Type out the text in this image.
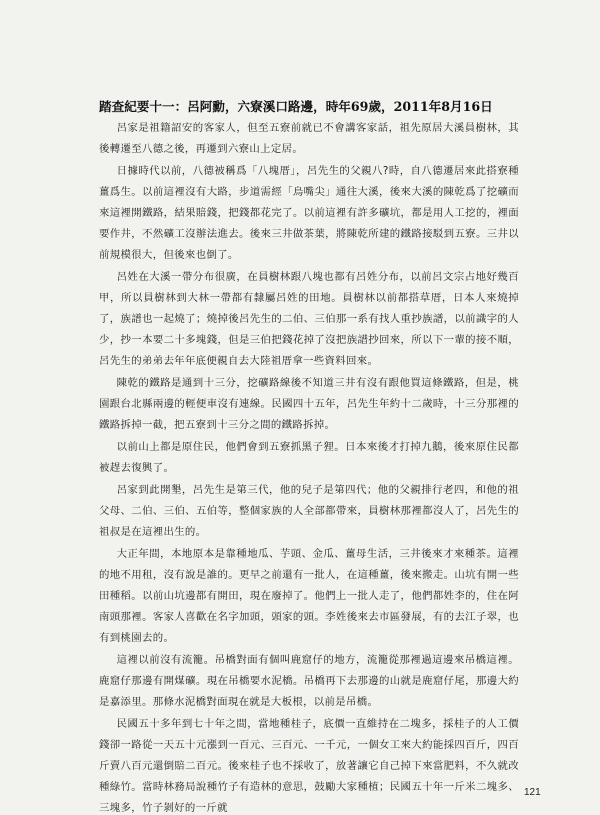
踏查紀要十一：呂阿勳，六寮溪口路邊，時年69歲，2011年8月16日

呂家是祖籍詔安的客家人，但至五寮前就已不會講客家話，祖先原居大溪員樹林，其後轉遷至八德之後，再遷到六寮山上定居。

日據時代以前，八德被稱爲「八塊厝」，呂先生的父親八?時，自八德遷居來此搭寮種薑爲生。以前這裡沒有大路，步道需經「烏嘴尖」通往大溪，後來大溪的陳乾爲了挖礦而來這裡開鐵路，結果賠錢，把錢都花完了。以前這裡有許多礦坑，都是用人工挖的，裡面要作井，不然礦工沒辦法進去。後來三井做茶葉，將陳乾所建的鐵路接駁到五寮。三井以前規模很大，但後來也倒了。

呂姓在大溪一帶分布很廣，在員樹林跟八塊也都有呂姓分布，以前呂文宗占地好幾百甲，所以員樹林到大林一帶都有隸屬呂姓的田地。員樹林以前都搭草厝，日本人來燒掉了，族譜也一起燒了；燒掉後呂先生的二伯、三伯那一系有找人重抄族譜，以前識字的人少，抄一本要二十多塊錢，但是三伯把錢花掉了沒把族譜抄回來，所以下一輩的接不順，呂先生的弟弟去年年底便親自去大陸祖厝拿一些資料回來。

陳乾的鐵路是通到十三分，挖礦路線後不知道三井有沒有跟他買這條鐵路，但是，桃園跟台北縣兩邊的輕便車沒有連線。民國四十五年，呂先生年約十二歲時，十三分那裡的鐵路拆掉一截，把五寮到十三分之間的鐵路拆掉。

以前山上都是原住民，他們會到五寮抓黑子狸。日本來後才打掉九鵝，後來原住民都被趕去復興了。

呂家到此開墾，呂先生是第三代，他的兒子是第四代；他的父親排行老四，和他的祖父母、二伯、三伯、五伯等，整個家族的人全部都帶來，員樹林那裡都沒人了，呂先生的祖叔是在這裡出生的。

大正年間，本地原本是靠種地瓜、芋頭、金瓜、薑母生活，三井後來才來種茶。這裡的地不用租，沒有說是誰的。更早之前還有一批人，在這種薑，後來搬走。山坑有開一些田種稻。以前山坑邊都有開田，現在廢掉了。他們上一批人走了，他們都姓李的，住在阿南頭那裡。客家人喜歡在名字加頭，頭家的頭。李姓後來去市區發展，有的去江子翠，也有到桃園去的。

這裡以前沒有流籠。吊橋對面有個叫鹿窟仔的地方，流籠從那裡過這邊來吊橋這裡。鹿窟仔那邊有開煤礦。現在吊橋要水泥橋。吊橋再下去那邊的山就是鹿窟仔尾，那邊大約是嘉添里。那條水泥橋對面現在就是大板根，以前是吊橋。

民國五十多年到七十年之間，當地種桂子，底價一直維持在二塊多，採桂子的人工價錢卻一路從一天五十元漲到一百元、三百元、一千元，一個女工來大約能採四百斤，四百斤賣八百元還倒賠二百元。後來桂子也不採收了，放著讓它自己掉下來當肥料，不久就改種綠竹。當時林務局說種竹子有造林的意思，鼓勵大家種植；民國五十年一斤米二塊多、三塊多，竹子剝好的一斤就

121
